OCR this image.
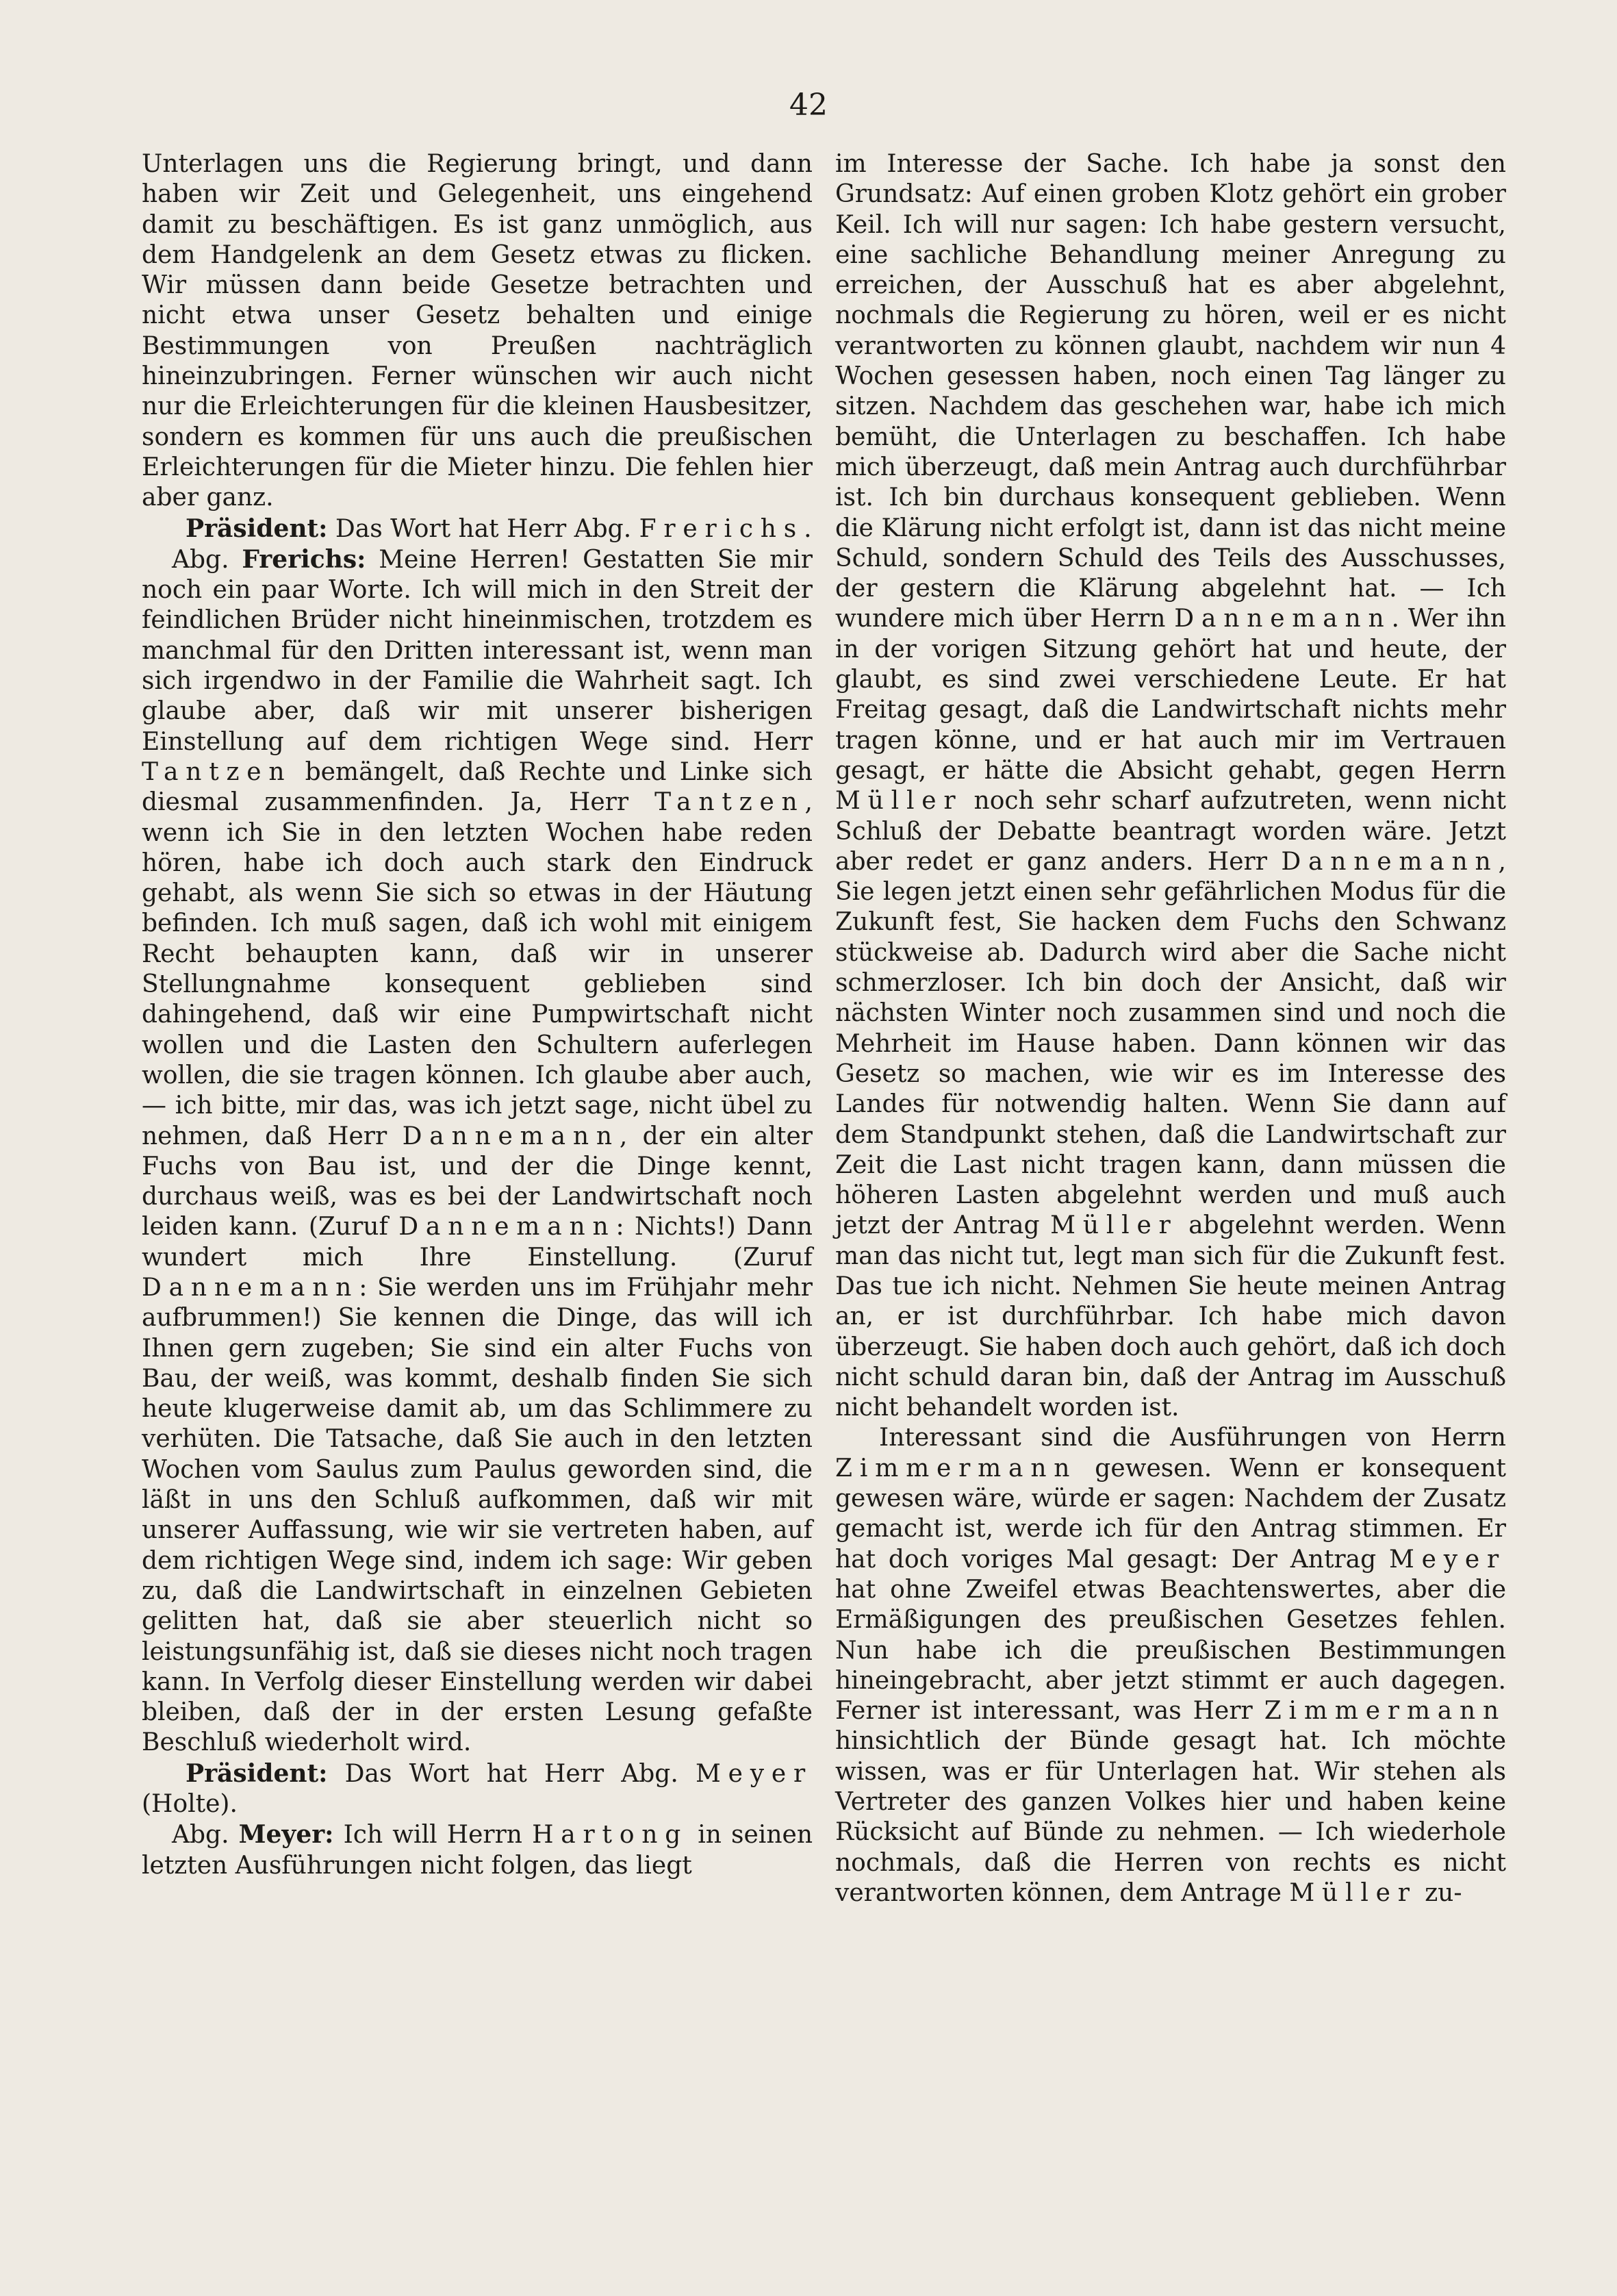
42

Unterlagen uns die Regierung bringt, und dann haben wir Zeit und Gelegenheit, uns eingehend damit zu beschäftigen. Es ist ganz unmöglich, aus dem Handgelenk an dem Gesetz etwas zu flicken. Wir müssen dann beide Gesetze betrachten und nicht etwa unser Gesetz behalten und einige Bestimmungen von Preußen nachträglich hineinzubringen. Ferner wünschen wir auch nicht nur die Erleichterungen für die kleinen Hausbesitzer, sondern es kommen für uns auch die preußischen Erleichterungen für die Mieter hinzu. Die fehlen hier aber ganz.

Präsident: Das Wort hat Herr Abg. Frerichs.

Abg. Frerichs: Meine Herren! Gestatten Sie mir noch ein paar Worte. Ich will mich in den Streit der feindlichen Brüder nicht hineinmischen, trotzdem es manchmal für den Dritten interessant ist, wenn man sich irgendwo in der Familie die Wahrheit sagt. Ich glaube aber, daß wir mit unserer bisherigen Einstellung auf dem richtigen Wege sind. Herr Tantzen bemängelt, daß Rechte und Linke sich diesmal zusammenfinden. Ja, Herr Tantzen, wenn ich Sie in den letzten Wochen habe reden hören, habe ich doch auch stark den Eindruck gehabt, als wenn Sie sich so etwas in der Häutung befinden. Ich muß sagen, daß ich wohl mit einigem Recht behaupten kann, daß wir in unserer Stellungnahme konsequent geblieben sind dahingehend, daß wir eine Pumpwirtschaft nicht wollen und die Lasten den Schultern auferlegen wollen, die sie tragen können. Ich glaube aber auch, — ich bitte, mir das, was ich jetzt sage, nicht übel zu nehmen, daß Herr Dannemann, der ein alter Fuchs von Bau ist, und der die Dinge kennt, durchaus weiß, was es bei der Landwirtschaft noch leiden kann. (Zuruf Dannemann: Nichts!) Dann wundert mich Ihre Einstellung. (Zuruf Dannemann: Sie werden uns im Frühjahr mehr aufbrummen!) Sie kennen die Dinge, das will ich Ihnen gern zugeben; Sie sind ein alter Fuchs von Bau, der weiß, was kommt, deshalb finden Sie sich heute klugerweise damit ab, um das Schlimmere zu verhüten. Die Tatsache, daß Sie auch in den letzten Wochen vom Saulus zum Paulus geworden sind, die läßt in uns den Schluß aufkommen, daß wir mit unserer Auffassung, wie wir sie vertreten haben, auf dem richtigen Wege sind, indem ich sage: Wir geben zu, daß die Landwirtschaft in einzelnen Gebieten gelitten hat, daß sie aber steuerlich nicht so leistungsunfähig ist, daß sie dieses nicht noch tragen kann. In Verfolg dieser Einstellung werden wir dabei bleiben, daß der in der ersten Lesung gefaßte Beschluß wiederholt wird.

Präsident: Das Wort hat Herr Abg. Meyer (Holte).

Abg. Meyer: Ich will Herrn Hartong in seinen letzten Ausführungen nicht folgen, das liegt

im Interesse der Sache. Ich habe ja sonst den Grundsatz: Auf einen groben Klotz gehört ein grober Keil. Ich will nur sagen: Ich habe gestern versucht, eine sachliche Behandlung meiner Anregung zu erreichen, der Ausschuß hat es aber abgelehnt, nochmals die Regierung zu hören, weil er es nicht verantworten zu können glaubt, nachdem wir nun 4 Wochen gesessen haben, noch einen Tag länger zu sitzen. Nachdem das geschehen war, habe ich mich bemüht, die Unterlagen zu beschaffen. Ich habe mich überzeugt, daß mein Antrag auch durchführbar ist. Ich bin durchaus konsequent geblieben. Wenn die Klärung nicht erfolgt ist, dann ist das nicht meine Schuld, sondern Schuld des Teils des Ausschusses, der gestern die Klärung abgelehnt hat. — Ich wundere mich über Herrn Dannemann. Wer ihn in der vorigen Sitzung gehört hat und heute, der glaubt, es sind zwei verschiedene Leute. Er hat Freitag gesagt, daß die Landwirtschaft nichts mehr tragen könne, und er hat auch mir im Vertrauen gesagt, er hätte die Absicht gehabt, gegen Herrn Müller noch sehr scharf aufzutreten, wenn nicht Schluß der Debatte beantragt worden wäre. Jetzt aber redet er ganz anders. Herr Dannemann, Sie legen jetzt einen sehr gefährlichen Modus für die Zukunft fest, Sie hacken dem Fuchs den Schwanz stückweise ab. Dadurch wird aber die Sache nicht schmerzloser. Ich bin doch der Ansicht, daß wir nächsten Winter noch zusammen sind und noch die Mehrheit im Hause haben. Dann können wir das Gesetz so machen, wie wir es im Interesse des Landes für notwendig halten. Wenn Sie dann auf dem Standpunkt stehen, daß die Landwirtschaft zur Zeit die Last nicht tragen kann, dann müssen die höheren Lasten abgelehnt werden und muß auch jetzt der Antrag Müller abgelehnt werden. Wenn man das nicht tut, legt man sich für die Zukunft fest. Das tue ich nicht. Nehmen Sie heute meinen Antrag an, er ist durchführbar. Ich habe mich davon überzeugt. Sie haben doch auch gehört, daß ich doch nicht schuld daran bin, daß der Antrag im Ausschuß nicht behandelt worden ist.

Interessant sind die Ausführungen von Herrn Zimmermann gewesen. Wenn er konsequent gewesen wäre, würde er sagen: Nachdem der Zusatz gemacht ist, werde ich für den Antrag stimmen. Er hat doch voriges Mal gesagt: Der Antrag Meyer hat ohne Zweifel etwas Beachtenswertes, aber die Ermäßigungen des preußischen Gesetzes fehlen. Nun habe ich die preußischen Bestimmungen hineingebracht, aber jetzt stimmt er auch dagegen. Ferner ist interessant, was Herr Zimmermann hinsichtlich der Bünde gesagt hat. Ich möchte wissen, was er für Unterlagen hat. Wir stehen als Vertreter des ganzen Volkes hier und haben keine Rücksicht auf Bünde zu nehmen. — Ich wiederhole nochmals, daß die Herren von rechts es nicht verantworten können, dem Antrage Müller zu-
